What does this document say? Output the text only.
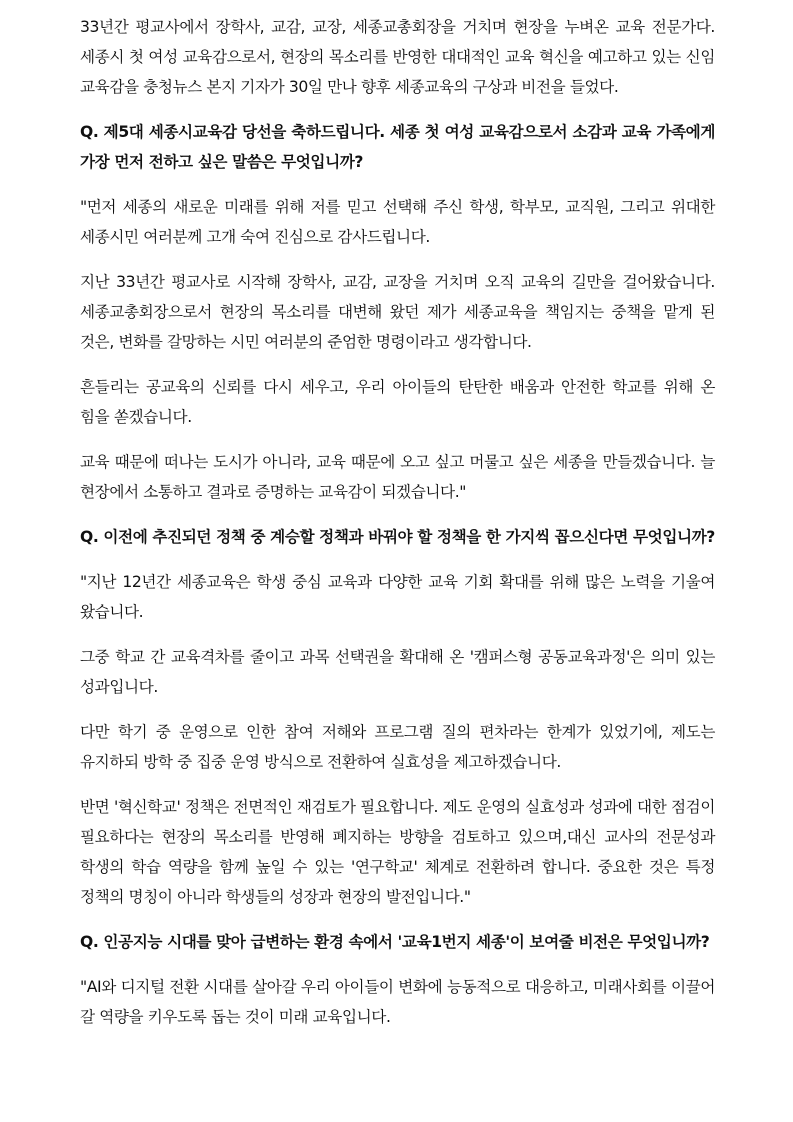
33년간 평교사에서 장학사, 교감, 교장, 세종교총회장을 거치며 현장을 누벼온 교육 전문가다. 세종시 첫 여성 교육감으로서, 현장의 목소리를 반영한 대대적인 교육 혁신을 예고하고 있는 신임 교육감을 충청뉴스 본지 기자가 30일 만나 향후 세종교육의 구상과 비전을 들었다.

Q. 제5대 세종시교육감 당선을 축하드립니다. 세종 첫 여성 교육감으로서 소감과 교육 가족에게 가장 먼저 전하고 싶은 말씀은 무엇입니까?

"먼저 세종의 새로운 미래를 위해 저를 믿고 선택해 주신 학생, 학부모, 교직원, 그리고 위대한 세종시민 여러분께 고개 숙여 진심으로 감사드립니다.

지난 33년간 평교사로 시작해 장학사, 교감, 교장을 거치며 오직 교육의 길만을 걸어왔습니다. 세종교총회장으로서 현장의 목소리를 대변해 왔던 제가 세종교육을 책임지는 중책을 맡게 된 것은, 변화를 갈망하는 시민 여러분의 준엄한 명령이라고 생각합니다.

흔들리는 공교육의 신뢰를 다시 세우고, 우리 아이들의 탄탄한 배움과 안전한 학교를 위해 온 힘을 쏟겠습니다.

교육 때문에 떠나는 도시가 아니라, 교육 때문에 오고 싶고 머물고 싶은 세종을 만들겠습니다. 늘 현장에서 소통하고 결과로 증명하는 교육감이 되겠습니다."

Q. 이전에 추진되던 정책 중 계승할 정책과 바꿔야 할 정책을 한 가지씩 꼽으신다면 무엇입니까?

"지난 12년간 세종교육은 학생 중심 교육과 다양한 교육 기회 확대를 위해 많은 노력을 기울여 왔습니다.

그중 학교 간 교육격차를 줄이고 과목 선택권을 확대해 온 '캠퍼스형 공동교육과정'은 의미 있는 성과입니다.

다만 학기 중 운영으로 인한 참여 저해와 프로그램 질의 편차라는 한계가 있었기에, 제도는 유지하되 방학 중 집중 운영 방식으로 전환하여 실효성을 제고하겠습니다.

반면 '혁신학교' 정책은 전면적인 재검토가 필요합니다. 제도 운영의 실효성과 성과에 대한 점검이 필요하다는 현장의 목소리를 반영해 폐지하는 방향을 검토하고 있으며,대신 교사의 전문성과 학생의 학습 역량을 함께 높일 수 있는 '연구학교' 체계로 전환하려 합니다. 중요한 것은 특정 정책의 명칭이 아니라 학생들의 성장과 현장의 발전입니다."

Q. 인공지능 시대를 맞아 급변하는 환경 속에서 '교육1번지 세종'이 보여줄 비전은 무엇입니까?

"AI와 디지털 전환 시대를 살아갈 우리 아이들이 변화에 능동적으로 대응하고, 미래사회를 이끌어 갈 역량을 키우도록 돕는 것이 미래 교육입니다.
